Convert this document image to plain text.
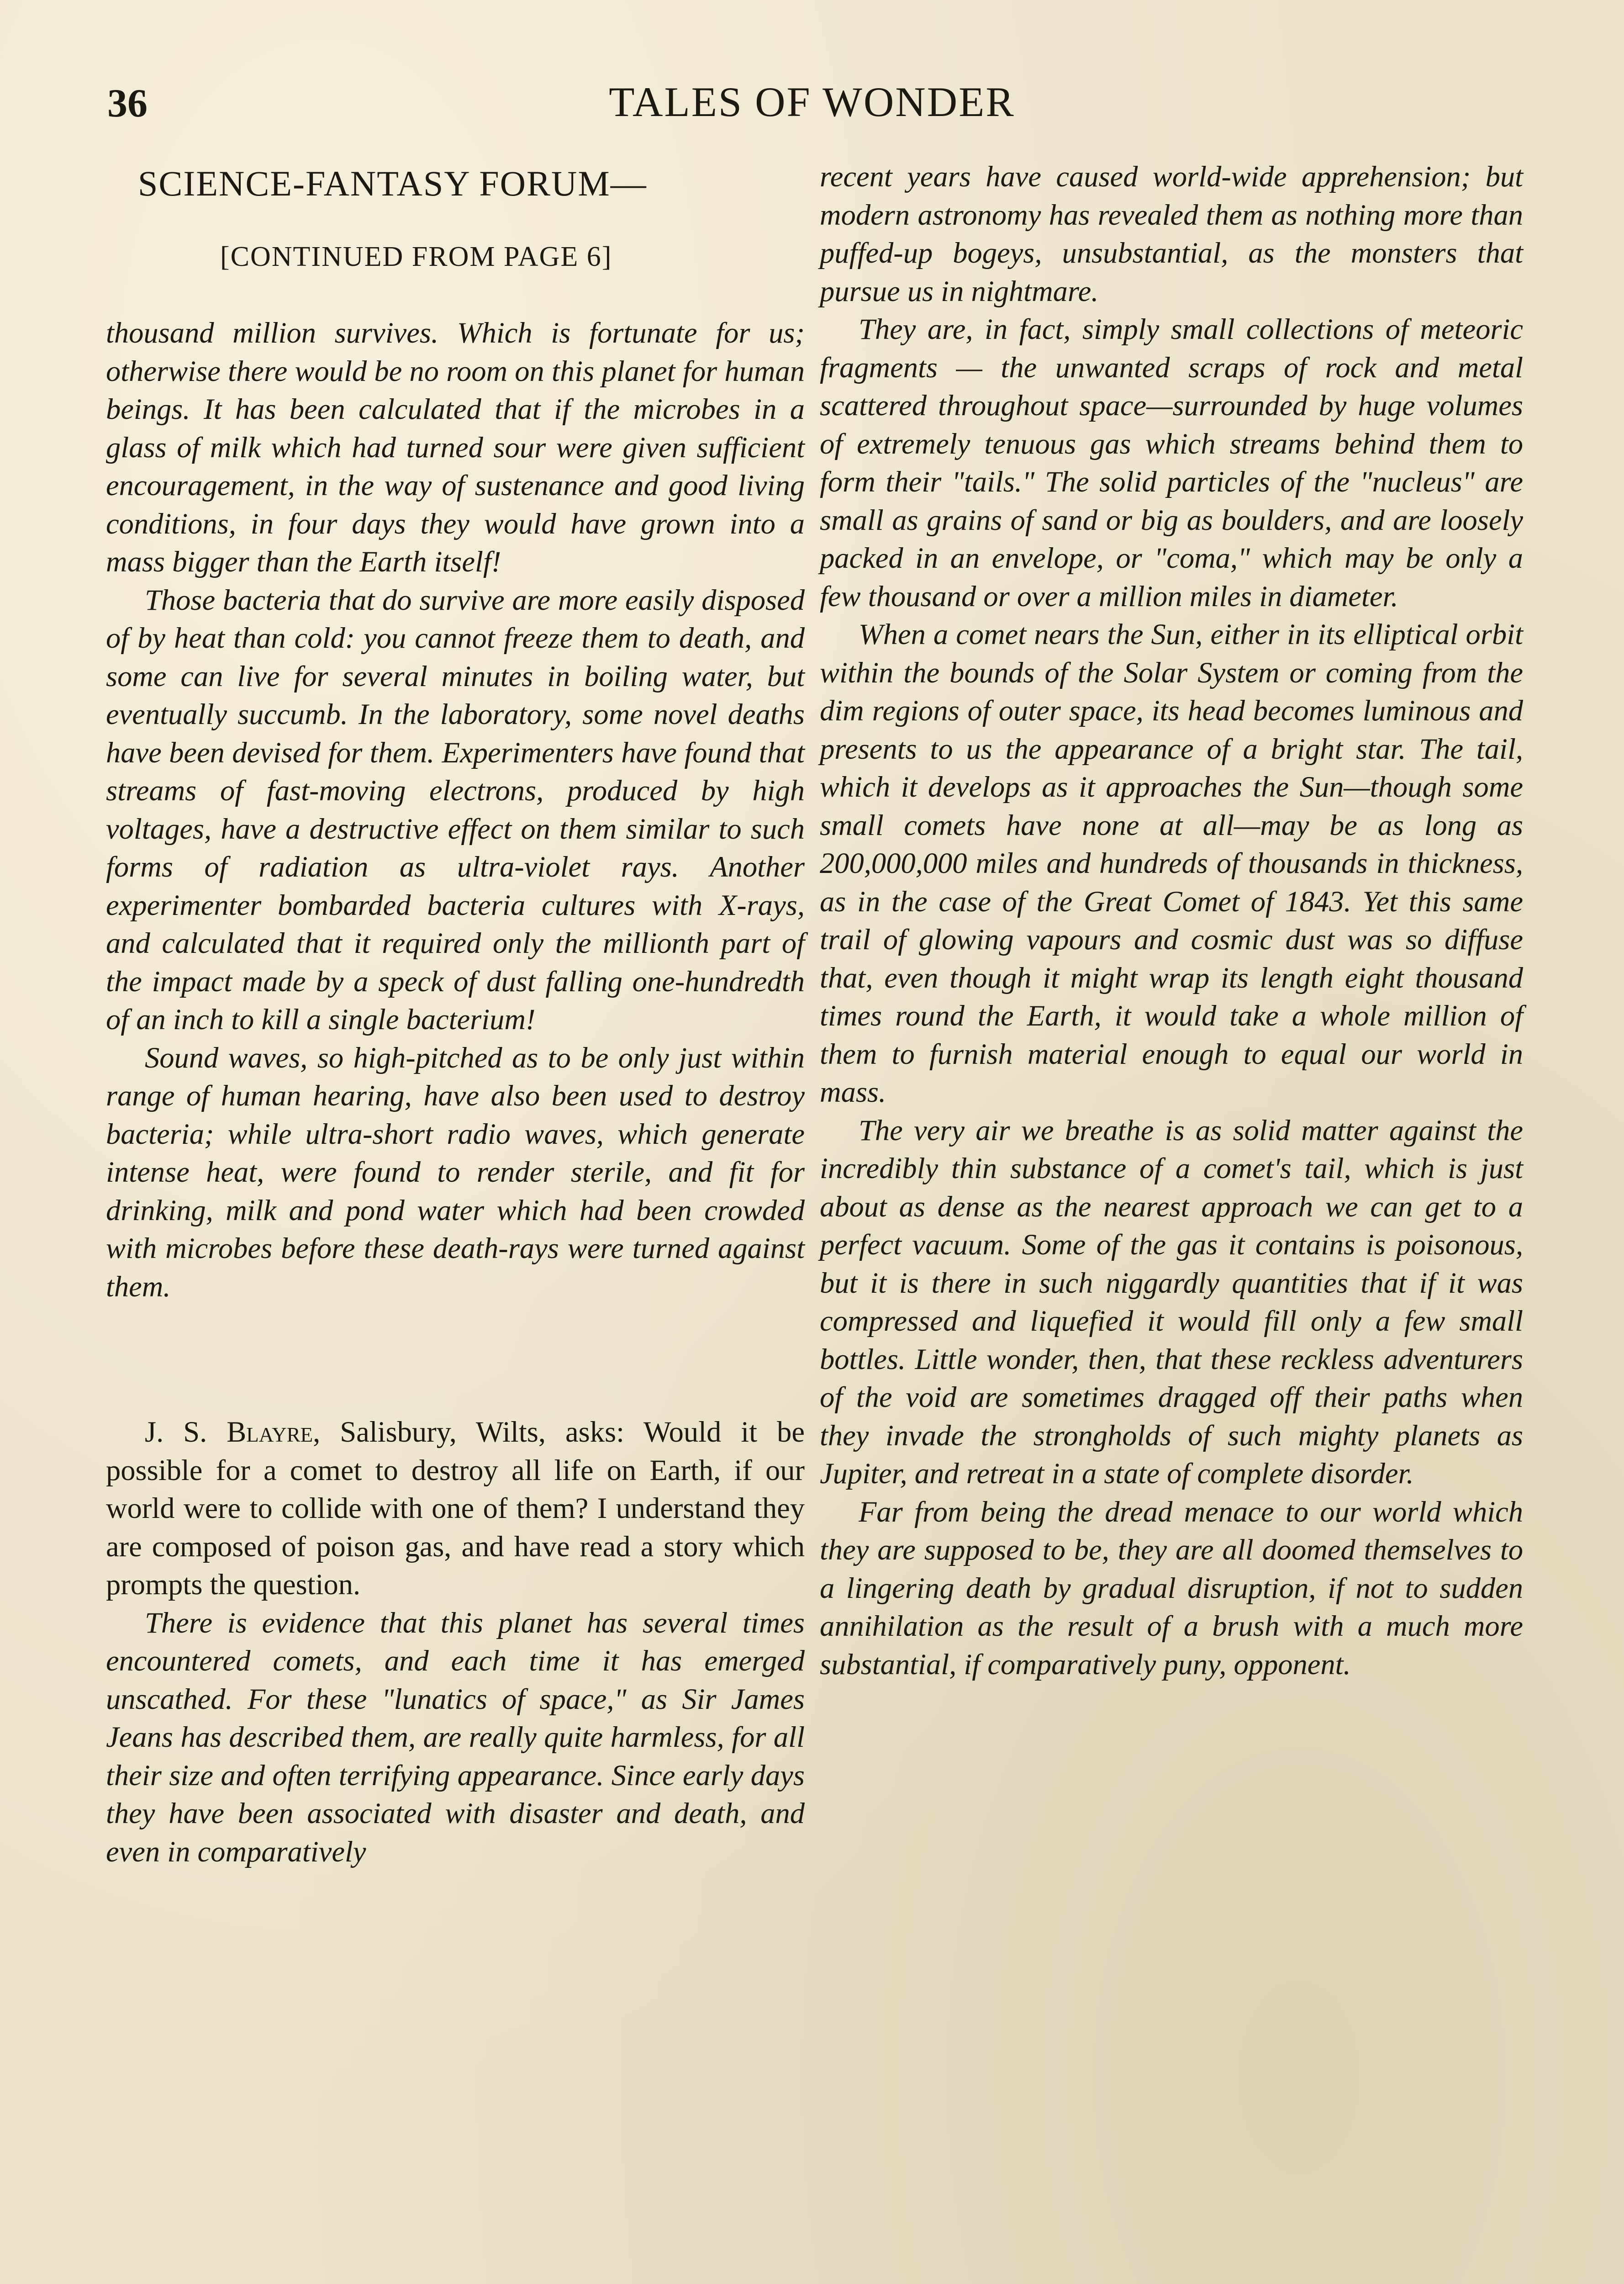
36	TALES OF WONDER
SCIENCE-FANTASY FORUM—
[CONTINUED FROM PAGE 6]

thousand million survives. Which is fortunate for us; otherwise there would be no room on this planet for human beings. It has been calculated that if the microbes in a glass of milk which had turned sour were given sufficient encouragement, in the way of sustenance and good living conditions, in four days they would have grown into a mass bigger than the Earth itself!

Those bacteria that do survive are more easily disposed of by heat than cold: you cannot freeze them to death, and some can live for several minutes in boiling water, but eventually succumb. In the laboratory, some novel deaths have been devised for them. Experimenters have found that streams of fast-moving electrons, produced by high voltages, have a destructive effect on them similar to such forms of radiation as ultra-violet rays. Another experimenter bombarded bacteria cultures with X-rays, and calculated that it required only the millionth part of the impact made by a speck of dust falling one-hundredth of an inch to kill a single bacterium!

Sound waves, so high-pitched as to be only just within range of human hearing, have also been used to destroy bacteria; while ultra-short radio waves, which generate intense heat, were found to render sterile, and fit for drinking, milk and pond water which had been crowded with microbes before these death-rays were turned against them.

J. S. Blayre, Salisbury, Wilts, asks: Would it be possible for a comet to destroy all life on Earth, if our world were to collide with one of them? I understand they are composed of poison gas, and have read a story which prompts the question.

There is evidence that this planet has several times encountered comets, and each time it has emerged unscathed. For these "lunatics of space," as Sir James Jeans has described them, are really quite harmless, for all their size and often terrifying appearance. Since early days they have been associated with disaster and death, and even in comparatively

recent years have caused world-wide apprehension; but modern astronomy has revealed them as nothing more than puffed-up bogeys, unsubstantial, as the monsters that pursue us in nightmare.

They are, in fact, simply small collections of meteoric fragments — the unwanted scraps of rock and metal scattered throughout space—surrounded by huge volumes of extremely tenuous gas which streams behind them to form their "tails." The solid particles of the "nucleus" are small as grains of sand or big as boulders, and are loosely packed in an envelope, or "coma," which may be only a few thousand or over a million miles in diameter.

When a comet nears the Sun, either in its elliptical orbit within the bounds of the Solar System or coming from the dim regions of outer space, its head becomes luminous and presents to us the appearance of a bright star. The tail, which it develops as it approaches the Sun—though some small comets have none at all—may be as long as 200,000,000 miles and hundreds of thousands in thickness, as in the case of the Great Comet of 1843. Yet this same trail of glowing vapours and cosmic dust was so diffuse that, even though it might wrap its length eight thousand times round the Earth, it would take a whole million of them to furnish material enough to equal our world in mass.

The very air we breathe is as solid matter against the incredibly thin substance of a comet's tail, which is just about as dense as the nearest approach we can get to a perfect vacuum. Some of the gas it contains is poisonous, but it is there in such niggardly quantities that if it was compressed and liquefied it would fill only a few small bottles. Little wonder, then, that these reckless adventurers of the void are sometimes dragged off their paths when they invade the strongholds of such mighty planets as Jupiter, and retreat in a state of complete disorder.

Far from being the dread menace to our world which they are supposed to be, they are all doomed themselves to a lingering death by gradual disruption, if not to sudden annihilation as the result of a brush with a much more substantial, if comparatively puny, opponent.
